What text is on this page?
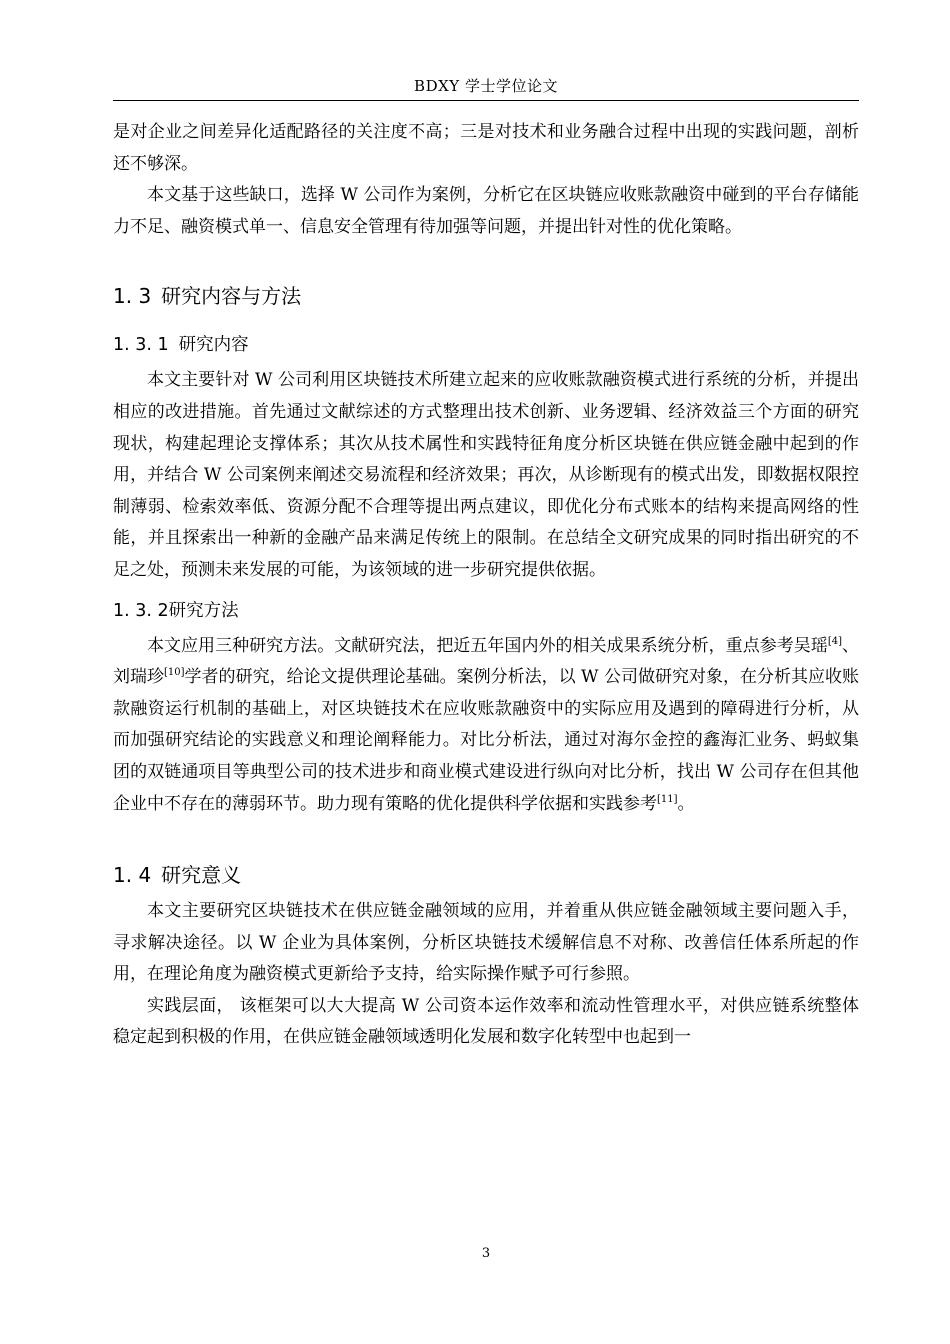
BDXY 学士学位论文

是对企业之间差异化适配路径的关注度不高；三是对技术和业务融合过程中出现的实践问题，剖析还不够深。

本文基于这些缺口，选择 W 公司作为案例，分析它在区块链应收账款融资中碰到的平台存储能力不足、融资模式单一、信息安全管理有待加强等问题，并提出针对性的优化策略。

1. 3 研究内容与方法
1. 3. 1 研究内容

本文主要针对 W 公司利用区块链技术所建立起来的应收账款融资模式进行系统的分析，并提出相应的改进措施。首先通过文献综述的方式整理出技术创新、业务逻辑、经济效益三个方面的研究现状，构建起理论支撑体系；其次从技术属性和实践特征角度分析区块链在供应链金融中起到的作用，并结合 W 公司案例来阐述交易流程和经济效果；再次，从诊断现有的模式出发，即数据权限控制薄弱、检索效率低、资源分配不合理等提出两点建议，即优化分布式账本的结构来提高网络的性能，并且探索出一种新的金融产品来满足传统上的限制。在总结全文研究成果的同时指出研究的不足之处，预测未来发展的可能，为该领域的进一步研究提供依据。

1. 3. 2研究方法

本文应用三种研究方法。文献研究法，把近五年国内外的相关成果系统分析，重点参考吴瑶[4]、刘瑞珍[10]学者的研究，给论文提供理论基础。案例分析法，以 W 公司做研究对象，在分析其应收账款融资运行机制的基础上，对区块链技术在应收账款融资中的实际应用及遇到的障碍进行分析，从而加强研究结论的实践意义和理论阐释能力。对比分析法，通过对海尔金控的鑫海汇业务、蚂蚁集团的双链通项目等典型公司的技术进步和商业模式建设进行纵向对比分析，找出 W 公司存在但其他企业中不存在的薄弱环节。助力现有策略的优化提供科学依据和实践参考[11]。

1. 4 研究意义

本文主要研究区块链技术在供应链金融领域的应用，并着重从供应链金融领域主要问题入手，寻求解决途径。以 W 企业为具体案例，分析区块链技术缓解信息不对称、改善信任体系所起的作用，在理论角度为融资模式更新给予支持，给实际操作赋予可行参照。

实践层面， 该框架可以大大提高 W 公司资本运作效率和流动性管理水平，对供应链系统整体稳定起到积极的作用，在供应链金融领域透明化发展和数字化转型中也起到一

3
